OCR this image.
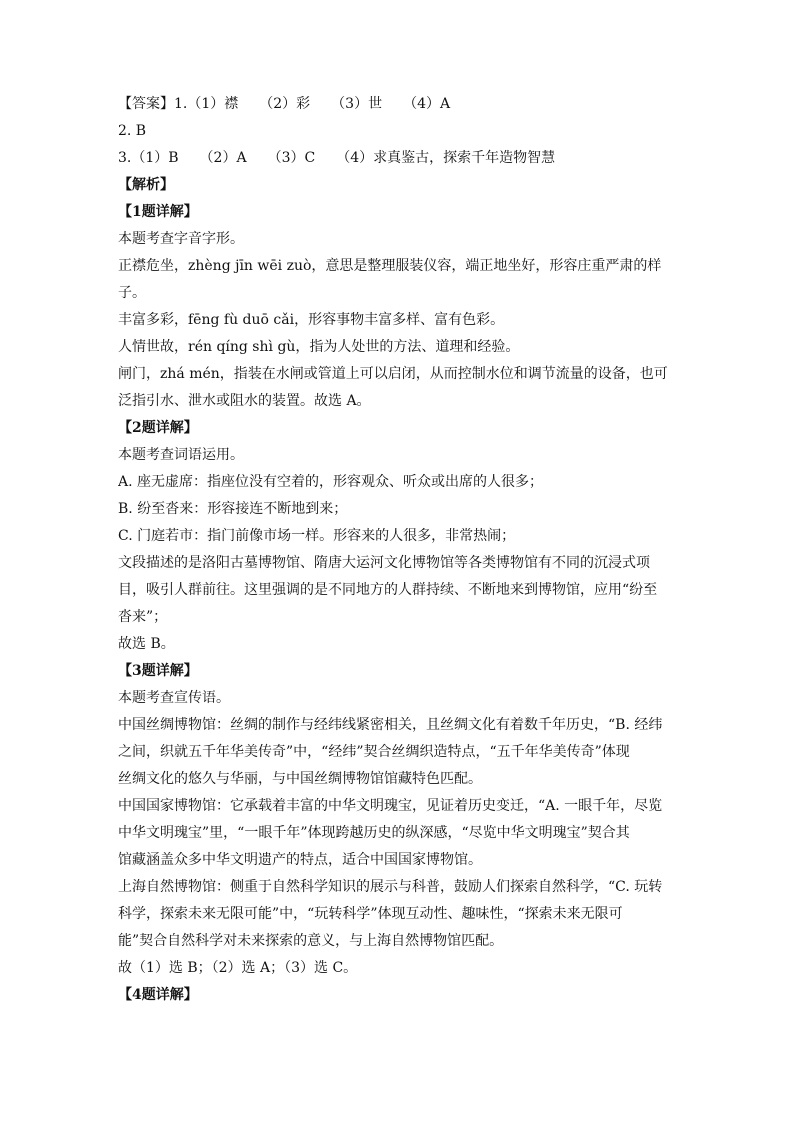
【答案】1.（1）襟　　（2）彩　　（3）世　　（4）A
2. B
3.（1）B　　（2）A　　（3）C　　（4）求真鉴古，探索千年造物智慧
【解析】
【1题详解】
本题考查字音字形。
正襟危坐，zhèng jīn wēi zuò，意思是整理服装仪容，端正地坐好，形容庄重严肃的样
子。
丰富多彩，fēng fù duō cǎi，形容事物丰富多样、富有色彩。
人情世故，rén qíng shì gù，指为人处世的方法、道理和经验。
闸门，zhá mén，指装在水闸或管道上可以启闭，从而控制水位和调节流量的设备，也可
泛指引水、泄水或阻水的装置。故选 A。
【2题详解】
本题考查词语运用。
A. 座无虚席：指座位没有空着的，形容观众、听众或出席的人很多；
B. 纷至沓来：形容接连不断地到来；
C. 门庭若市：指门前像市场一样。形容来的人很多，非常热闹；
文段描述的是洛阳古墓博物馆、隋唐大运河文化博物馆等各类博物馆有不同的沉浸式项
目，吸引人群前往。这里强调的是不同地方的人群持续、不断地来到博物馆，应用“纷至
沓来”；
故选 B。
【3题详解】
本题考查宣传语。
中国丝绸博物馆：丝绸的制作与经纬线紧密相关，且丝绸文化有着数千年历史，“B. 经纬
之间，织就五千年华美传奇”中，“经纬”契合丝绸织造特点，“五千年华美传奇”体现
丝绸文化的悠久与华丽，与中国丝绸博物馆馆藏特色匹配。
中国国家博物馆：它承载着丰富的中华文明瑰宝，见证着历史变迁，“A. 一眼千年，尽览
中华文明瑰宝”里，“一眼千年”体现跨越历史的纵深感，“尽览中华文明瑰宝”契合其
馆藏涵盖众多中华文明遗产的特点，适合中国国家博物馆。
上海自然博物馆：侧重于自然科学知识的展示与科普，鼓励人们探索自然科学，“C. 玩转
科学，探索未来无限可能”中，“玩转科学”体现互动性、趣味性，“探索未来无限可
能”契合自然科学对未来探索的意义，与上海自然博物馆匹配。
故（1）选 B；（2）选 A；（3）选 C。
【4题详解】
